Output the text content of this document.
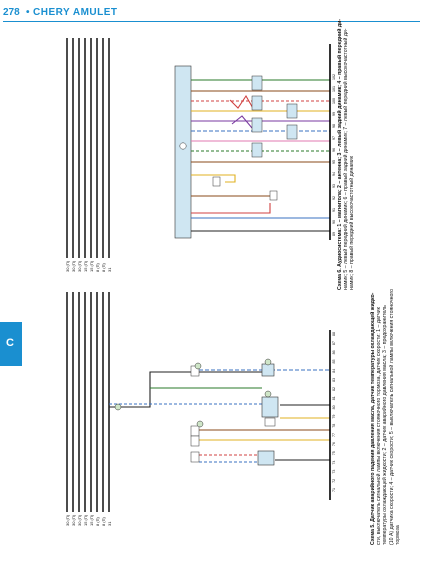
278 • CHERY AMULET
C
30 (П) 30 (П) 30 (П) 15 (П) 15 (П) 8 (П) 8 (П) 31
30 (П) 30 (П) 30 (П) 15 (П) 15 (П) 8 (П) 8 (П) 31
89
90
91
92
93
94
95
96
97
98
99
100
101
102
71
72
73
74
75
76
77
78
79
80
81
82
83
84
85
86
87
88
Схема 6. Аудиосистема: 1 – магнитола; 2 – антенна; 3 – левый задний динамик; 4 – правый передний ди- намик; 5 – левый передний динамик; 6 – правый задний динамик; 7 – левый передний высокочастотный ди- намик; 8 – правый передний высокочастотный динамик
Схема 5. Датчик аварийного падения давления масла, датчик температуры охлаждающей жидко- сти, выключатель сигнальной лампы включения стояночного тормоза, датчик скорости: 1 – датчик температуры охлаждающей жидкости; 2 – датчик аварийного давления масла; 3 – предохранитель (10 А) датчика скорости; 4 – датчик скорости; 5 – выключатель сигнальной лампы включения стояночного тормоза
